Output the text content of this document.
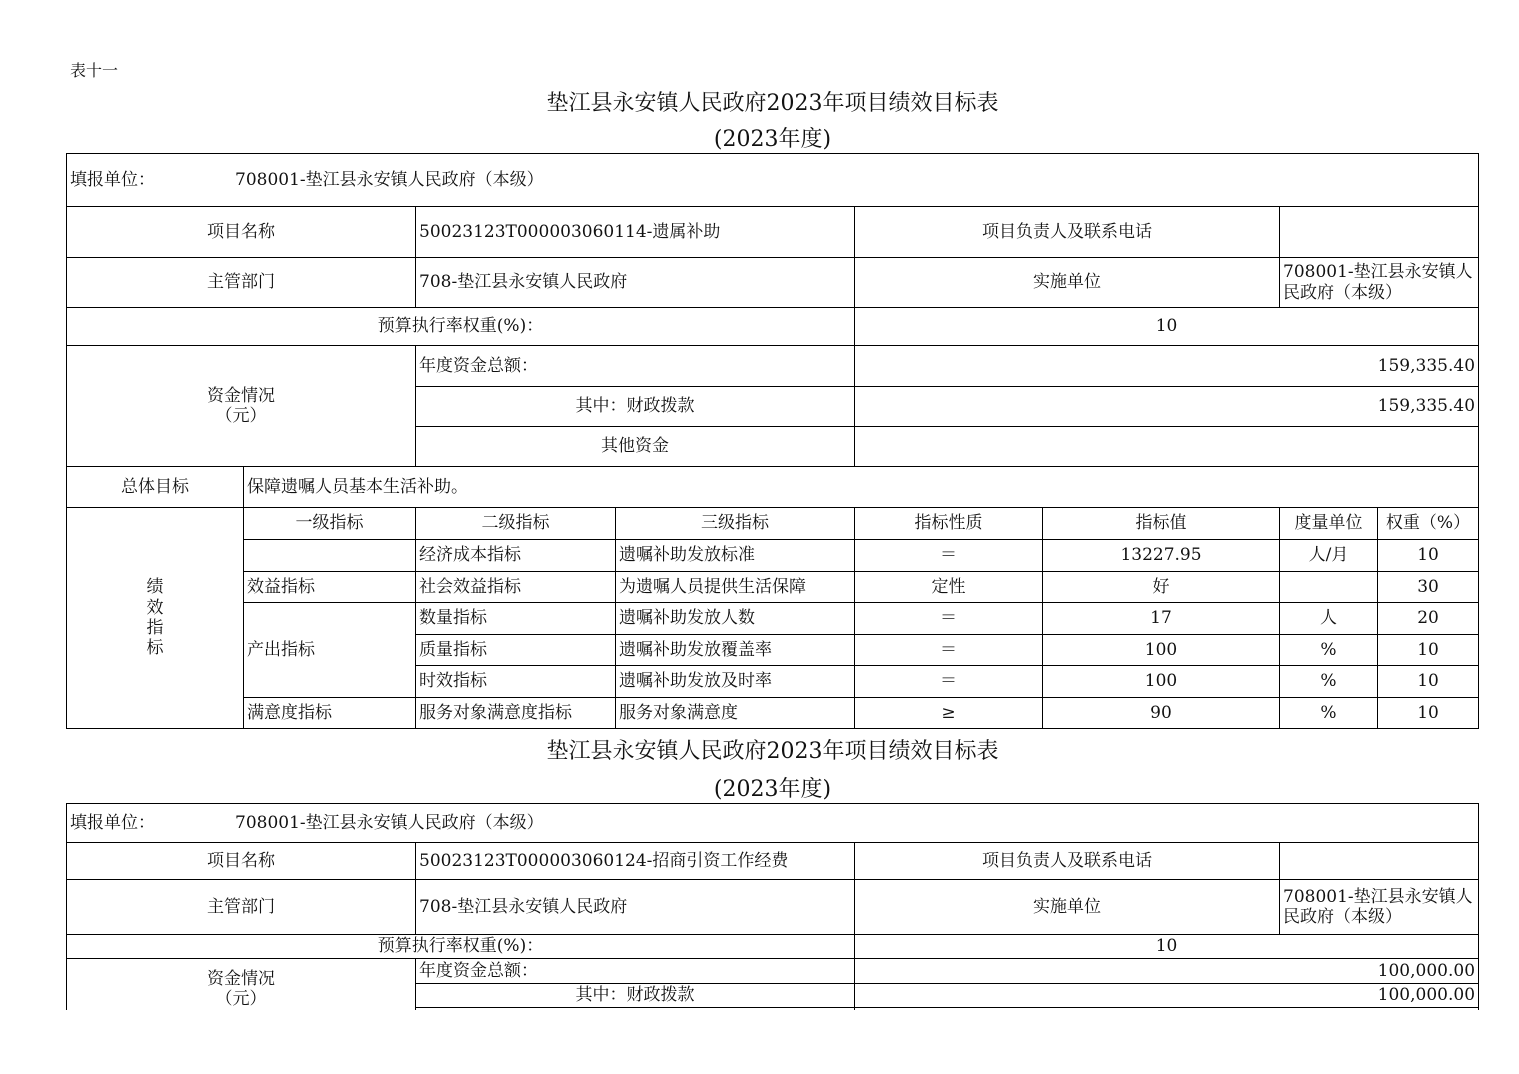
表十一
垫江县永安镇人民政府2023年项目绩效目标表
(2023年度)
填报单位： 708001-垫江县永安镇人民政府（本级）							
项目名称		50023123T000003060114-遗属补助		项目负责人及联系电话			
主管部门		708-垫江县永安镇人民政府		实施单位		708001-垫江县永安镇人民政府（本级）	
预算执行率权重(%)：				10			

资金情况
（元）		年度资金总额：		159,335.40			
		其中：财政拨款		159,335.40			
		其他资金					
总体目标	保障遗嘱人员基本生活补助。						

绩
效
指
标	一级指标	二级指标	三级指标	指标性质	指标值	度量单位	权重（%）
		经济成本指标	遗嘱补助发放标准	＝	13227.95	人/月	10
	效益指标	社会效益指标	为遗嘱人员提供生活保障	定性	好		30
	产出指标	数量指标	遗嘱补助发放人数	＝	17	人	20
		质量指标	遗嘱补助发放覆盖率	＝	100	%	10
		时效指标	遗嘱补助发放及时率	＝	100	%	10
	满意度指标	服务对象满意度指标	服务对象满意度	≥	90	%	10
垫江县永安镇人民政府2023年项目绩效目标表
(2023年度)
填报单位： 708001-垫江县永安镇人民政府（本级）			
项目名称	50023123T000003060124-招商引资工作经费	项目负责人及联系电话	
主管部门	708-垫江县永安镇人民政府	实施单位	708001-垫江县永安镇人民政府（本级）
预算执行率权重(%)：		10	

资金情况
（元）	年度资金总额：	100,000.00	
	其中：财政拨款	100,000.00	
